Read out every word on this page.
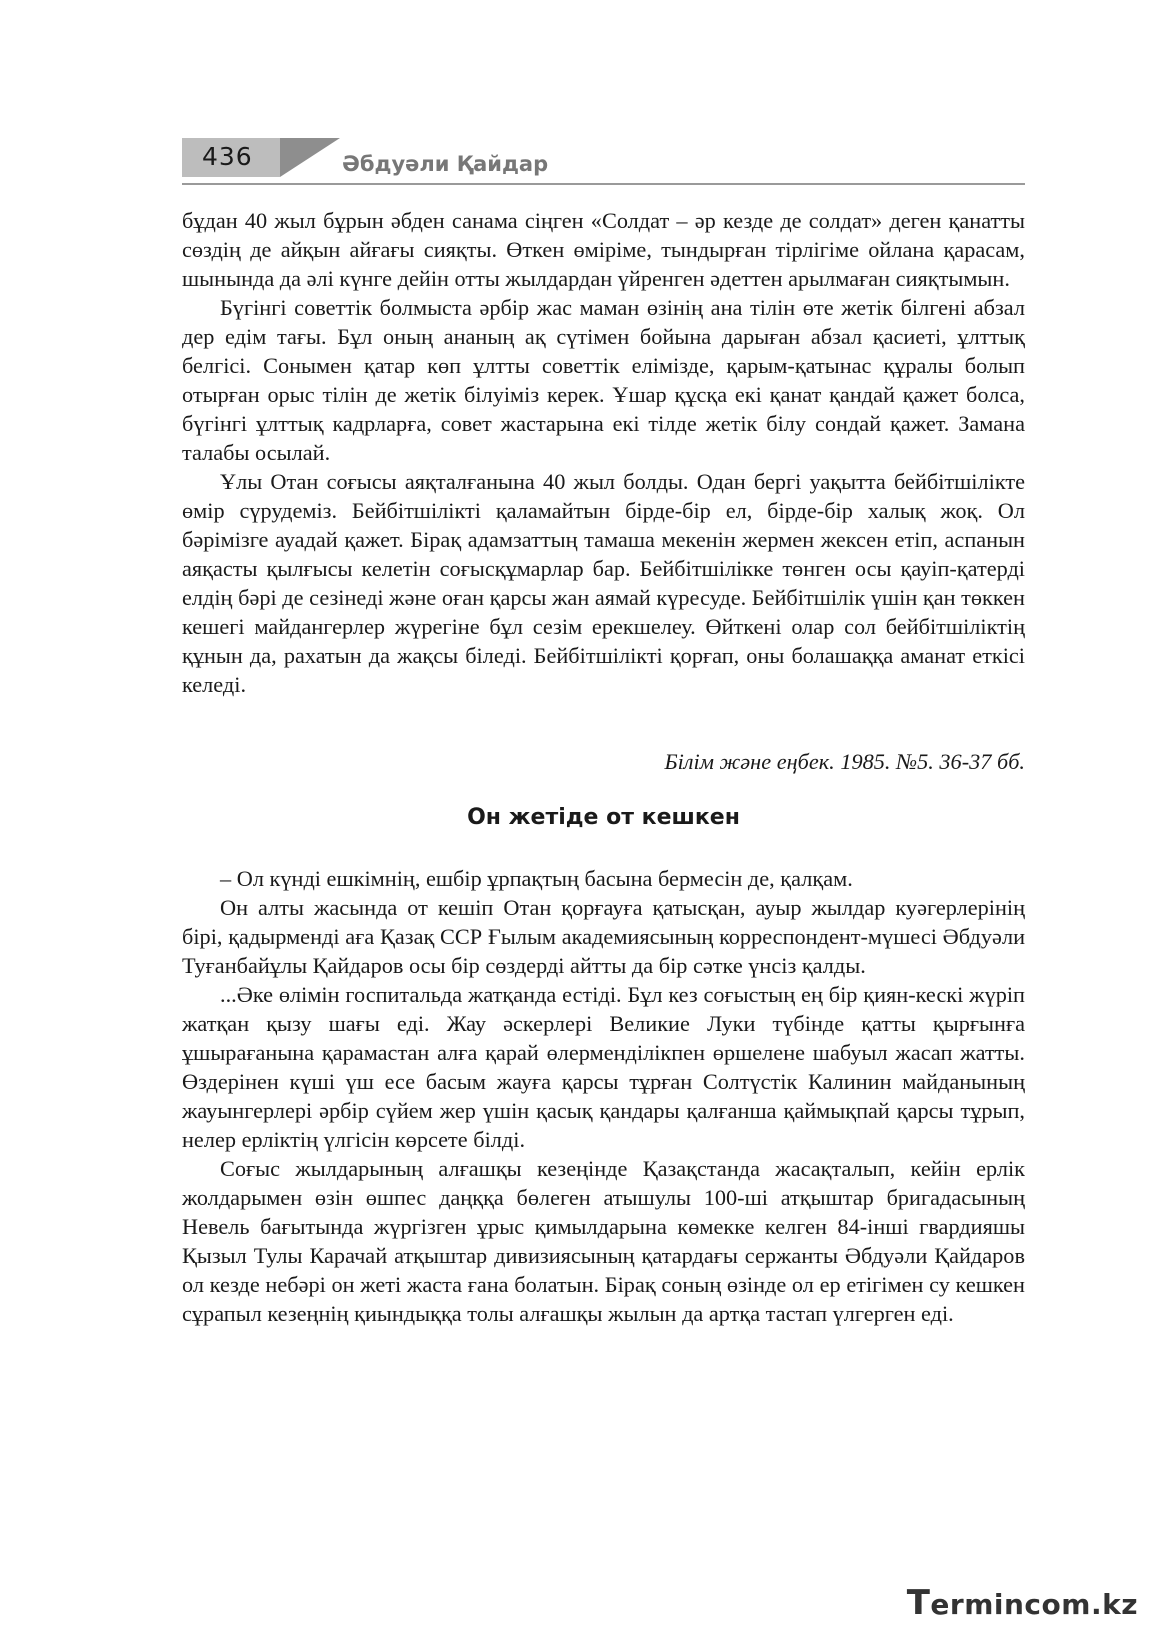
436	Әбдуәли Қайдар

бұдан 40 жыл бұрын әбден санама сіңген «Солдат – әр кезде де солдат» деген қанатты сөздің де айқын айғағы сияқты. Өткен өміріме, тындырған тірлігіме ойлана қарасам, шынында да әлі күнге дейін отты жылдардан үйренген әдеттен арылмаған сияқтымын.

Бүгінгі советтік болмыста әрбір жас маман өзінің ана тілін өте жетік білгені абзал дер едім тағы. Бұл оның ананың ақ сүтімен бойына дарыған абзал қасиеті, ұлттық белгісі. Сонымен қатар көп ұлтты советтік елімізде, қарым-қатынас құралы болып отырған орыс тілін де жетік білуіміз керек. Ұшар құсқа екі қанат қандай қажет болса, бүгінгі ұлттық кадрларға, совет жастарына екі тілде жетік білу сондай қажет. Замана талабы осылай.

Ұлы Отан соғысы аяқталғанына 40 жыл болды. Одан бергі уақытта бейбітшілікте өмір сүрудеміз. Бейбітшілікті қаламайтын бірде-бір ел, бірде-бір халық жоқ. Ол бәрімізге ауадай қажет. Бірақ адамзаттың тамаша мекенін жермен жексен етіп, аспанын аяқасты қылғысы келетін соғысқұмарлар бар. Бейбітшілікке төнген осы қауіп-қатерді елдің бәрі де сезінеді және оған қарсы жан аямай күресуде. Бейбітшілік үшін қан төккен кешегі майдангерлер жүрегіне бұл сезім ерекшелеу. Өйткені олар сол бейбітшіліктің құнын да, рахатын да жақсы біледі. Бейбітшілікті қорғап, оны болашаққа аманат еткісі келеді.

Білім және еңбек. 1985. №5. 36-37 бб.
Он жетіде от кешкен

– Ол күнді ешкімнің, ешбір ұрпақтың басына бермесін де, қалқам.

Он алты жасында от кешіп Отан қорғауға қатысқан, ауыр жылдар куәгерлерінің бірі, қадырменді аға Қазақ ССР Ғылым академиясының корреспондент-мүшесі Әбдуәли Туғанбайұлы Қайдаров осы бір сөздерді айтты да бір сәтке үнсіз қалды.

...Әке өлімін госпитальда жатқанда естіді. Бұл кез соғыстың ең бір қиян-кескі жүріп жатқан қызу шағы еді. Жау әскерлері Великие Луки түбінде қатты қырғынға ұшырағанына қарамастан алға қарай өлерменділікпен өршелене шабуыл жасап жатты. Өздерінен күші үш есе басым жауға қарсы тұрған Солтүстік Калинин майданының жауынгерлері әрбір сүйем жер үшін қасық қандары қалғанша қаймықпай қарсы тұрып, нелер ерліктің үлгісін көрсете білді.

Соғыс жылдарының алғашқы кезеңінде Қазақстанда жасақталып, кейін ерлік жолдарымен өзін өшпес даңққа бөлеген атышулы 100-ші атқыштар бригадасының Невель бағытында жүргізген ұрыс қимылдарына көмекке келген 84-інші гвардияшы Қызыл Тулы Карачай атқыштар дивизиясының қатардағы сержанты Әбдуәли Қайдаров ол кезде небәрі он жеті жаста ғана болатын. Бірақ соның өзінде ол ер етігімен су кешкен сұрапыл кезеңнің қиындыққа толы алғашқы жылын да артқа тастап үлгерген еді.

Termincom.kz
